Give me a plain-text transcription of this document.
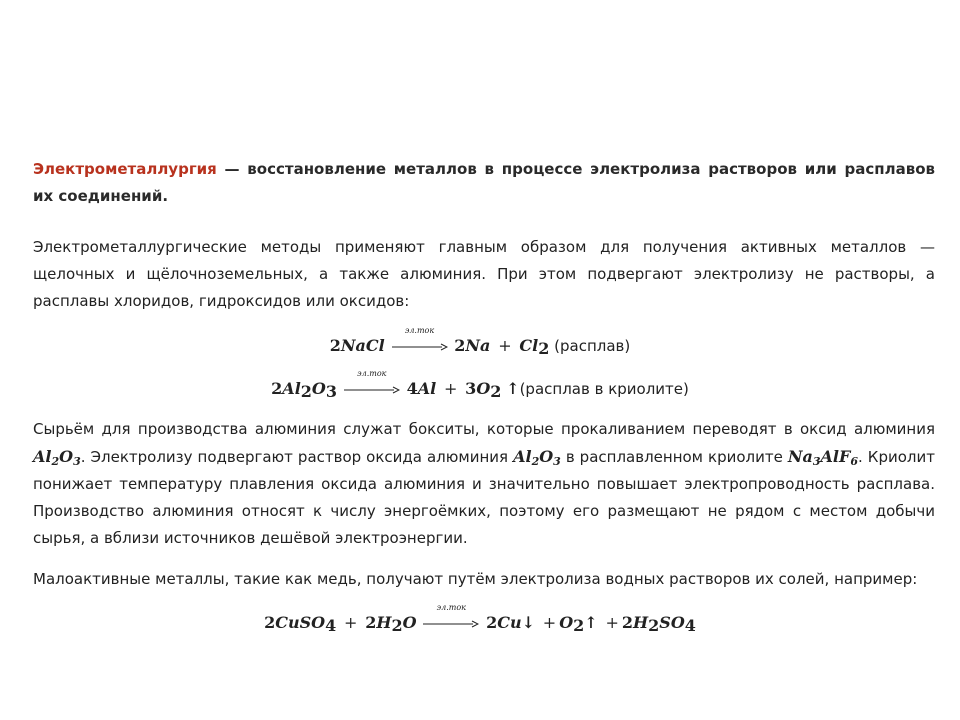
Электрометаллургия — восстановление металлов в процессе электролиза растворов или расплавов их соединений.
Электрометаллургические методы применяют главным образом для получения активных металлов — щелочных и щёлочноземельных, а также алюминия. При этом подвергают электролизу не растворы, а расплавы хлоридов, гидроксидов или оксидов:
2NaCl
эл.ток
$2Na + Cl_2$ (расплав)
$2Al_2O_3$
эл.ток
$4Al + 3O_2$ ↑(расплав в криолите)
Сырьём для производства алюминия служат бокситы, которые прокаливанием переводят в оксид алюминия $Al_2O_3$. Электролизу подвергают раствор оксида алюминия $Al_2O_3$ в расплавленном криолите $Na_3AlF_6$. Криолит понижает температуру плавления оксида алюминия и значительно повышает электропроводность расплава. Производство алюминия относят к числу энергоёмких, поэтому его размещают не рядом с местом добычи сырья, а вблизи источников дешёвой электроэнергии.
Малоактивные металлы, такие как медь, получают путём электролиза водных растворов их солей, например:
2CuSO$_4$ + $2H_2O$
эл.ток
2Cu↓ + $O_2↑ + 2H_2SO_4$
